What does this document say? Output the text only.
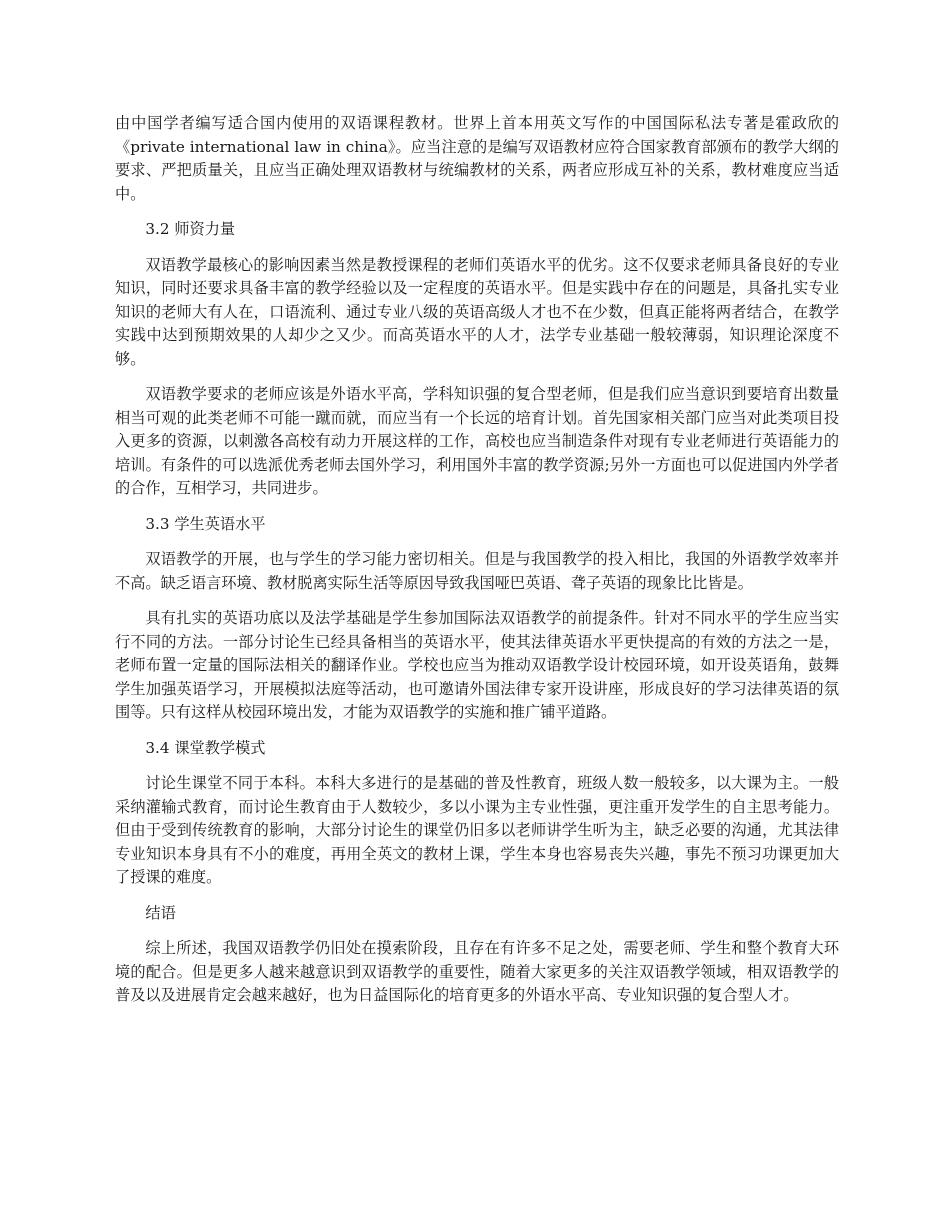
由中国学者编写适合国内使用的双语课程教材。世界上首本用英文写作的中国国际私法专著是霍政欣的《private international law in china》。应当注意的是编写双语教材应符合国家教育部颁布的教学大纲的要求、严把质量关，且应当正确处理双语教材与统编教材的关系，两者应形成互补的关系，教材难度应当适中。

3.2 师资力量

双语教学最核心的影响因素当然是教授课程的老师们英语水平的优劣。这不仅要求老师具备良好的专业知识，同时还要求具备丰富的教学经验以及一定程度的英语水平。但是实践中存在的问题是，具备扎实专业知识的老师大有人在，口语流利、通过专业八级的英语高级人才也不在少数，但真正能将两者结合，在教学实践中达到预期效果的人却少之又少。而高英语水平的人才，法学专业基础一般较薄弱，知识理论深度不够。

双语教学要求的老师应该是外语水平高，学科知识强的复合型老师，但是我们应当意识到要培育出数量相当可观的此类老师不可能一蹴而就，而应当有一个长远的培育计划。首先国家相关部门应当对此类项目投入更多的资源，以刺激各高校有动力开展这样的工作，高校也应当制造条件对现有专业老师进行英语能力的培训。有条件的可以选派优秀老师去国外学习，利用国外丰富的教学资源;另外一方面也可以促进国内外学者的合作，互相学习，共同进步。

3.3 学生英语水平

双语教学的开展，也与学生的学习能力密切相关。但是与我国教学的投入相比，我国的外语教学效率并不高。缺乏语言环境、教材脱离实际生活等原因导致我国哑巴英语、聋子英语的现象比比皆是。

具有扎实的英语功底以及法学基础是学生参加国际法双语教学的前提条件。针对不同水平的学生应当实行不同的方法。一部分讨论生已经具备相当的英语水平，使其法律英语水平更快提高的有效的方法之一是，老师布置一定量的国际法相关的翻译作业。学校也应当为推动双语教学设计校园环境，如开设英语角，鼓舞学生加强英语学习，开展模拟法庭等活动，也可邀请外国法律专家开设讲座，形成良好的学习法律英语的氛围等。只有这样从校园环境出发，才能为双语教学的实施和推广铺平道路。

3.4 课堂教学模式

讨论生课堂不同于本科。本科大多进行的是基础的普及性教育，班级人数一般较多，以大课为主。一般采纳灌输式教育，而讨论生教育由于人数较少，多以小课为主专业性强，更注重开发学生的自主思考能力。但由于受到传统教育的影响，大部分讨论生的课堂仍旧多以老师讲学生听为主，缺乏必要的沟通，尤其法律专业知识本身具有不小的难度，再用全英文的教材上课，学生本身也容易丧失兴趣，事先不预习功课更加大了授课的难度。

结语

综上所述，我国双语教学仍旧处在摸索阶段，且存在有许多不足之处，需要老师、学生和整个教育大环境的配合。但是更多人越来越意识到双语教学的重要性，随着大家更多的关注双语教学领域，相双语教学的普及以及进展肯定会越来越好，也为日益国际化的培育更多的外语水平高、专业知识强的复合型人才。
